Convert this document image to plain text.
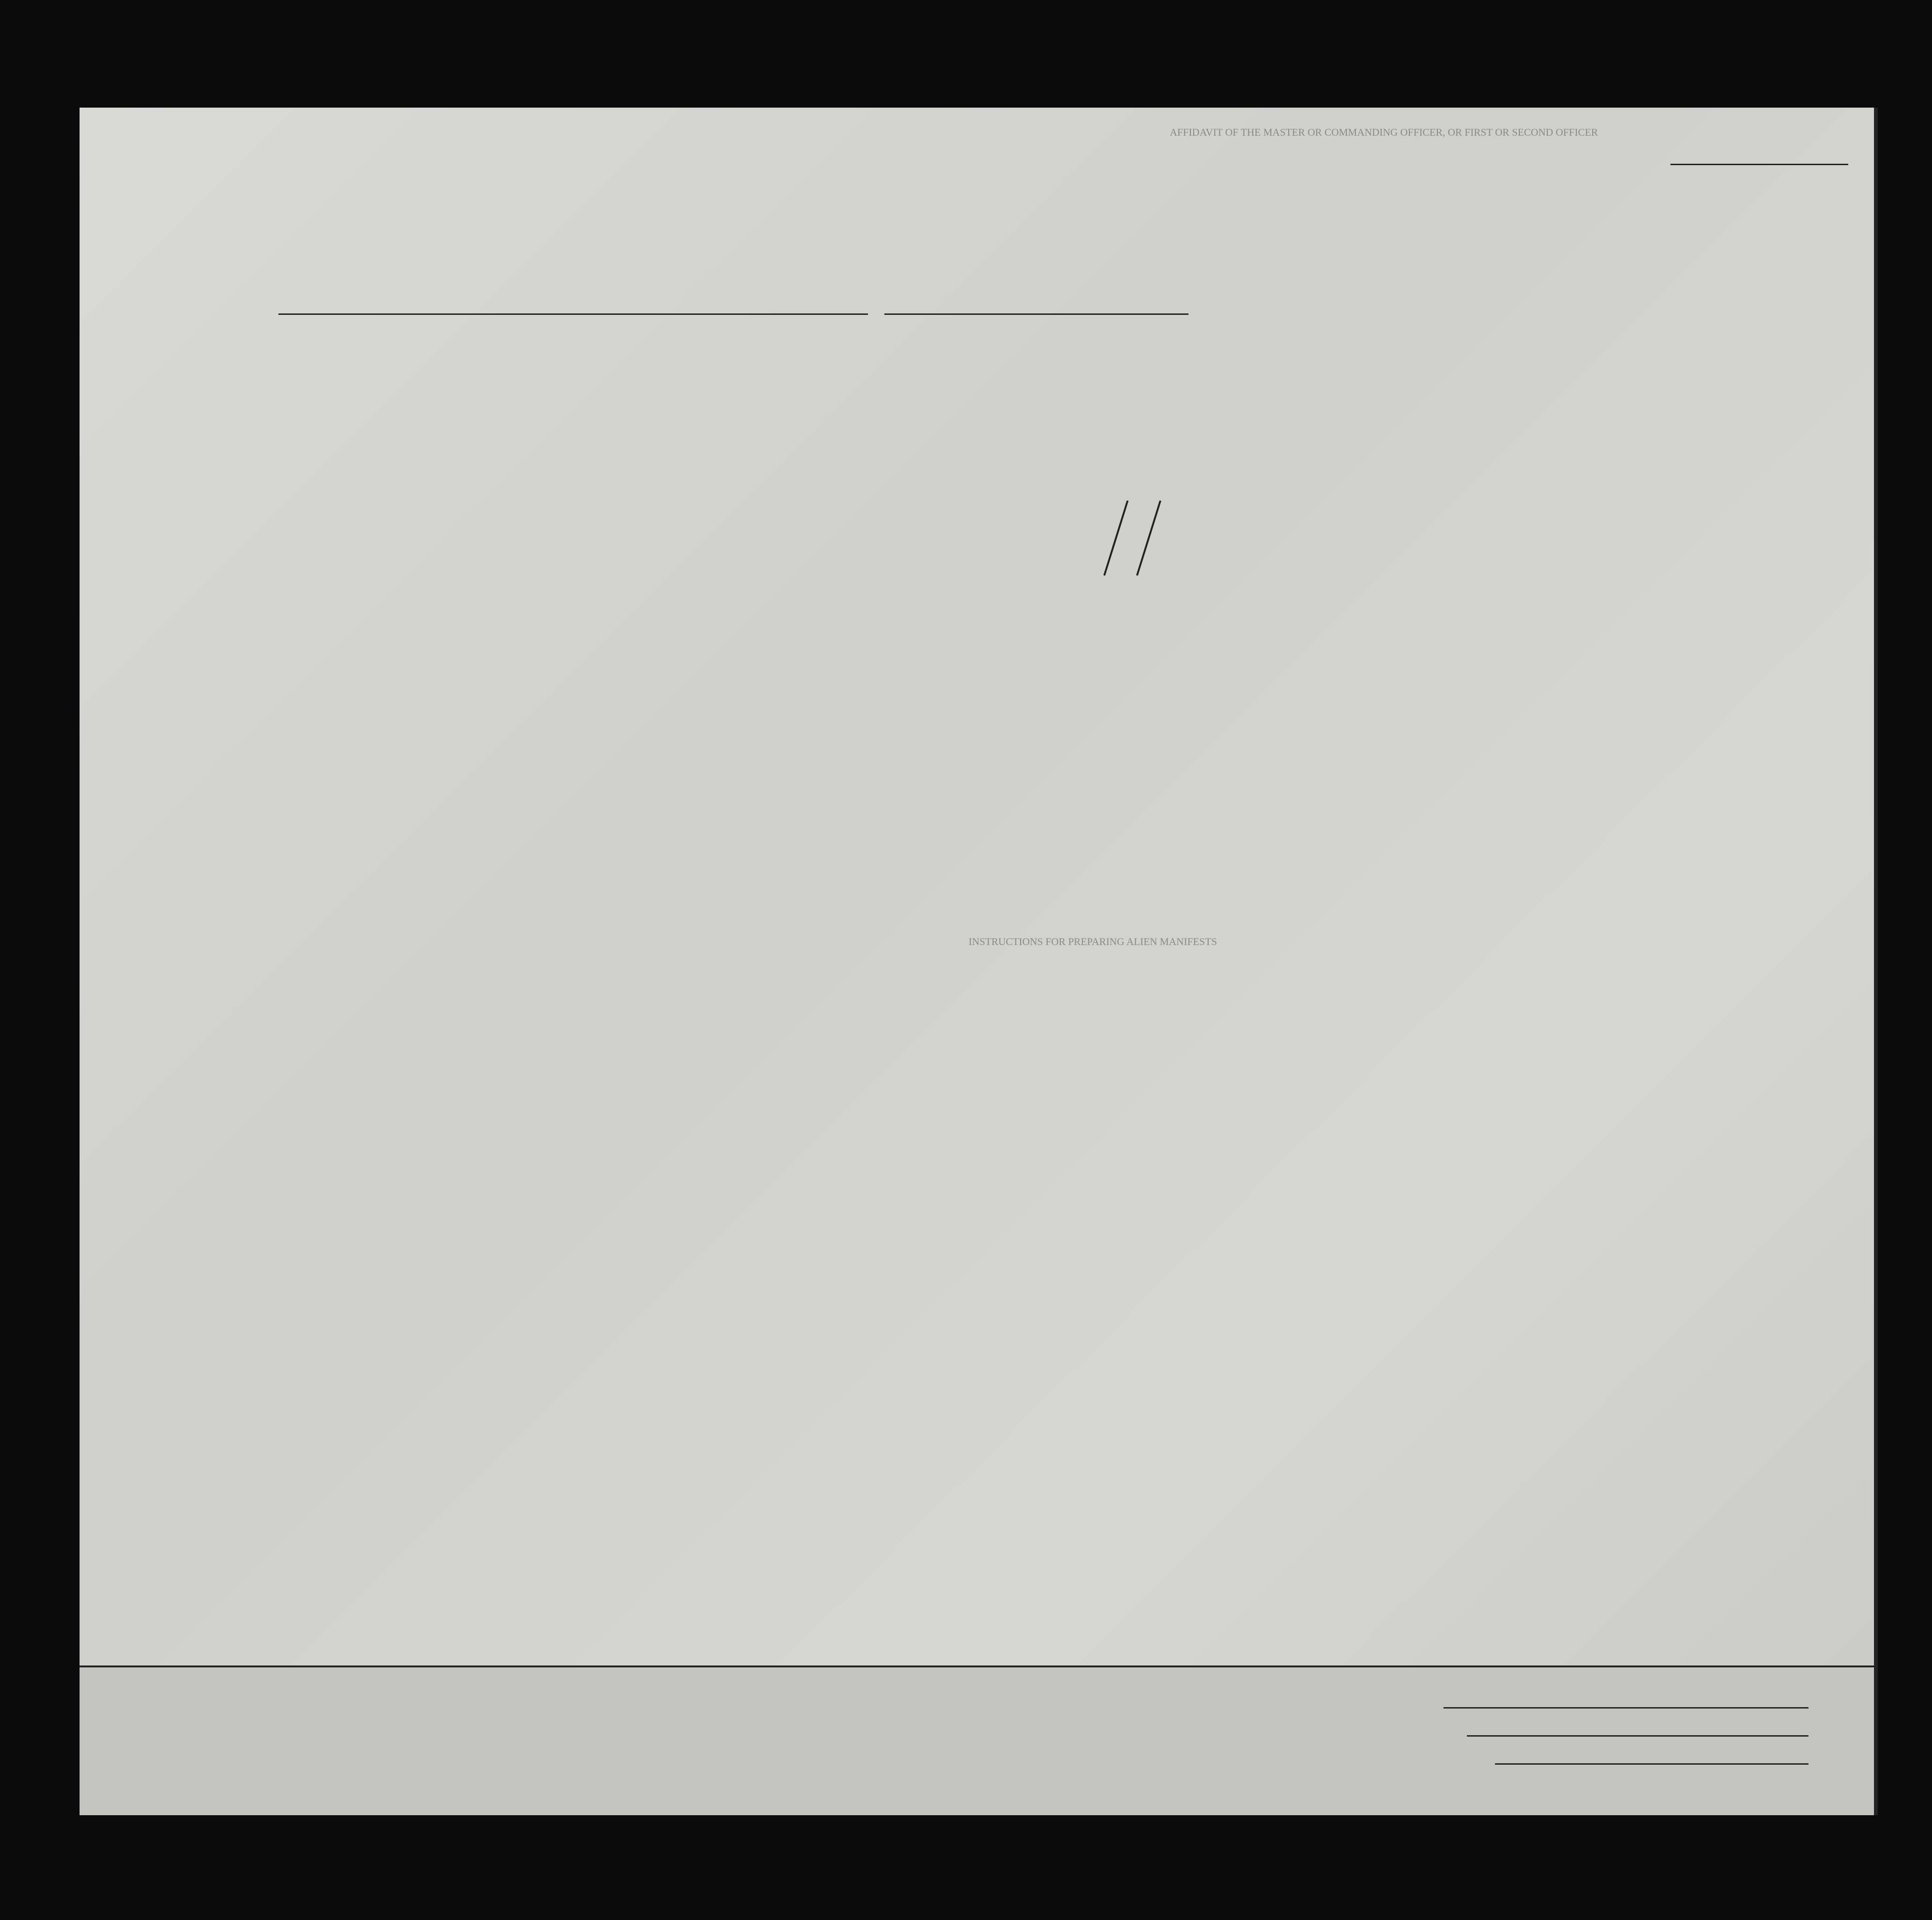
AFFIDAVIT OF THE MASTER OR COMMANDING OFFICER, OR FIRST OR SECOND OFFICER
INSTRUCTIONS FOR PREPARING ALIEN MANIFESTS
